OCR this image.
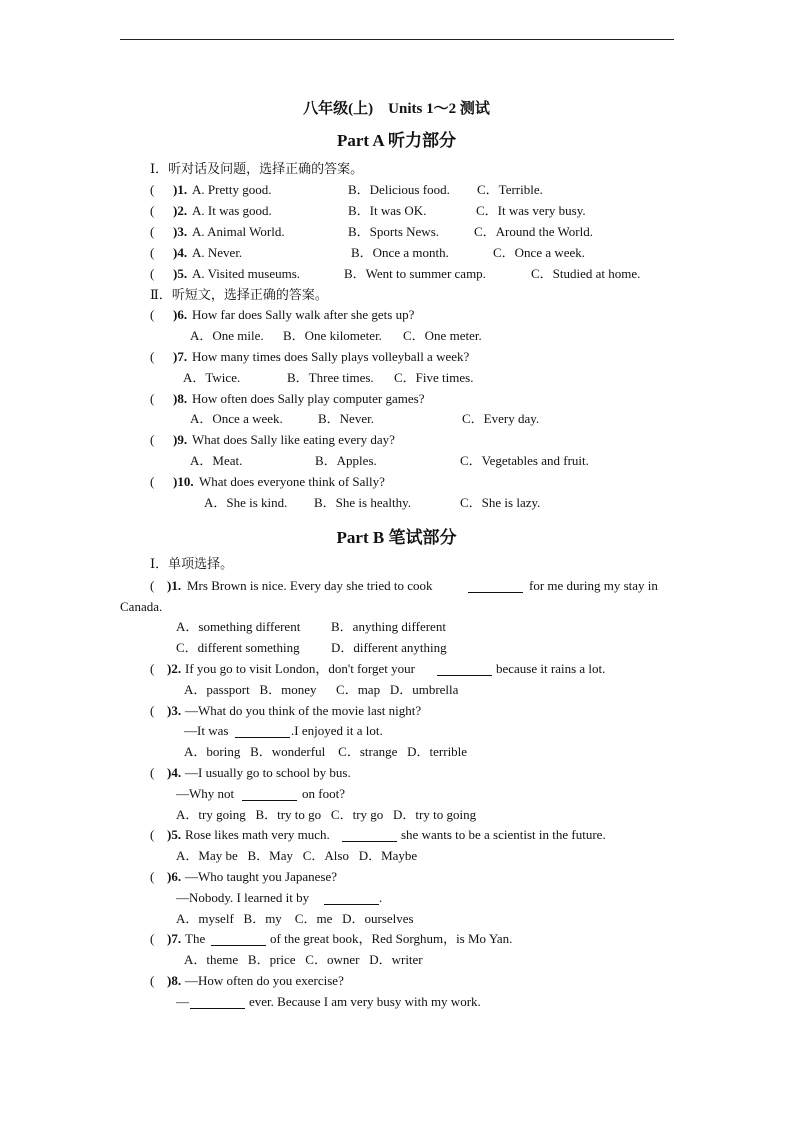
八年级(上)　Units 1～2 测试
Part A 听力部分
Ⅰ．听对话及问题，选择正确的答案。
( )1. A. Pretty good.	B．Delicious food. C．Terrible.
( )2. A. It was good.	B．It was OK.	C．It was very busy.
( )3. A. Animal World.	B．Sports News.	C．Around the World.
( )4. A. Never.	B．Once a month.	C．Once a week.
( )5. A. Visited museums.	B．Went to summer camp.	C．Studied at home.
Ⅱ．听短文，选择正确的答案。
( )6. How far does Sally walk after she gets up?
A．One mile. B．One kilometer. C．One meter.
( )7. How many times does Sally plays volleyball a week?
A．Twice.	B．Three times. C．Five times.
( )8. How often does Sally play computer games?
A．Once a week.	B．Never.	C．Every day.
( )9. What does Sally like eating every day?
A．Meat.	B．Apples.	C．Vegetables and fruit.
( )10. What does everyone think of Sally?
A．She is kind. B．She is healthy.	C．She is lazy.
Part B 笔试部分
Ⅰ．单项选择。
( )1. Mrs Brown is nice. Every day she tried to cook	for me during my stay in
Canada.
A．something different B．anything different
C．different something D．different anything
( )2. If you go to visit London，don't forget your	because it rains a lot.
A．passport   B．money      C．map   D．umbrella
( )3. —What do you think of the movie last night?
—It was	.I enjoyed it a lot.
A．boring   B．wonderful    C．strange   D．terrible
( )4. —I usually go to school by bus.
—Why not	on foot?
A．try going   B．try to go   C．try go   D．try to going
( )5. Rose likes math very much.	she wants to be a scientist in the future.
A．May be   B．May   C．Also   D．Maybe
( )6. —Who taught you Japanese?
—Nobody. I learned it by	.
A．myself   B．my    C．me   D．ourselves
( )7. The	of the great book，Red Sorghum，is Mo Yan.
A．theme   B．price   C．owner   D．writer
( )8. —How often do you exercise?
—	ever. Because I am very busy with my work.
